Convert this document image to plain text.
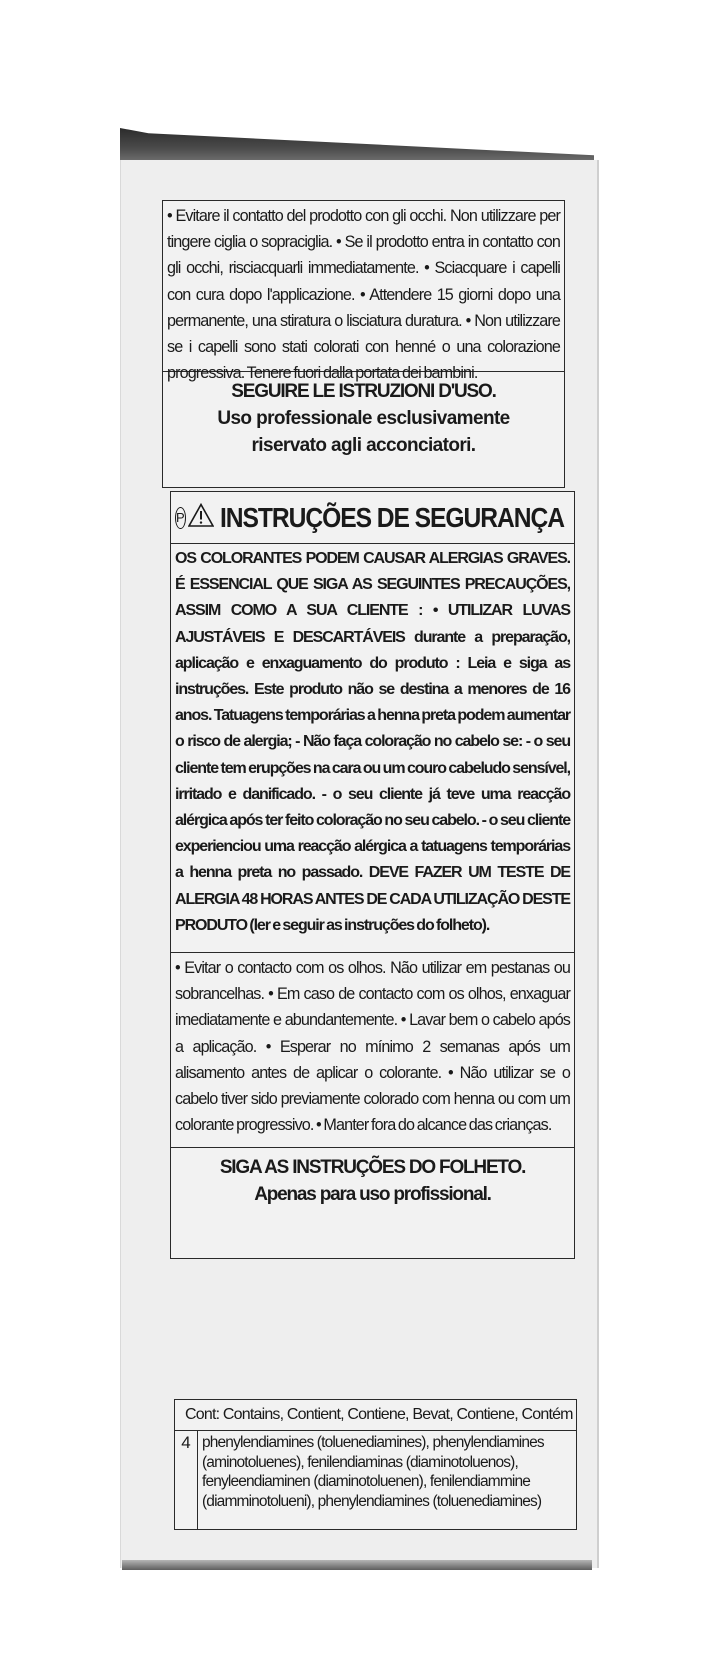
• Evitare il contatto del prodotto con gli occhi. Non utilizzare per tingere ciglia o sopraciglia. • Se il prodotto entra in contatto con gli occhi, risciacquarli immediatamente. • Sciacquare i capelli con cura dopo l'applicazione. • Attendere 15 giorni dopo una permanente, una stiratura o lisciatura duratura. • Non utilizzare se i capelli sono stati colorati con henné o una colorazione progressiva. Tenere fuori dalla portata dei bambini.

SEGUIRE LE ISTRUZIONI D'USO.
Uso professionale esclusivamente
riservato agli acconciatori.
P INSTRUÇÕES DE SEGURANÇA

OS COLORANTES PODEM CAUSAR ALERGIAS GRAVES. É ESSENCIAL QUE SIGA AS SEGUINTES PRECAUÇÕES, ASSIM COMO A SUA CLIENTE : • UTILIZAR LUVAS AJUSTÁVEIS E DESCARTÁVEIS durante a preparação, aplicação e enxaguamento do produto : Leia e siga as instruções. Este produto não se destina a menores de 16 anos. Tatuagens temporárias a henna preta podem aumentar o risco de alergia; - Não faça coloração no cabelo se: - o seu cliente tem erupções na cara ou um couro cabeludo sensível, irritado e danificado. - o seu cliente já teve uma reacção alérgica após ter feito coloração no seu cabelo. - o seu cliente experienciou uma reacção alérgica a tatuagens temporárias a henna preta no passado. DEVE FAZER UM TESTE DE ALERGIA 48 HORAS ANTES DE CADA UTILIZAÇÃO DESTE PRODUTO (ler e seguir as instruções do folheto).

• Evitar o contacto com os olhos. Não utilizar em pestanas ou sobrancelhas. • Em caso de contacto com os olhos, enxaguar imediatamente e abundantemente. • Lavar bem o cabelo após a aplicação. • Esperar no mínimo 2 semanas após um alisamento antes de aplicar o colorante. • Não utilizar se o cabelo tiver sido previamente colorado com henna ou com um colorante progressivo. • Manter fora do alcance das crianças.

SIGA AS INSTRUÇÕES DO FOLHETO.
Apenas para uso profissional.
Cont: Contains, Contient, Contiene, Bevat, Contiene, Contém
4 phenylendiamines (toluenediamines), phenylendiamines (aminotoluenes), fenilendiaminas (diaminotoluenos), fenyleendiaminen (diaminotoluenen), fenilendiammine (diamminotolueni), phenylendiamines (toluenediamines)
